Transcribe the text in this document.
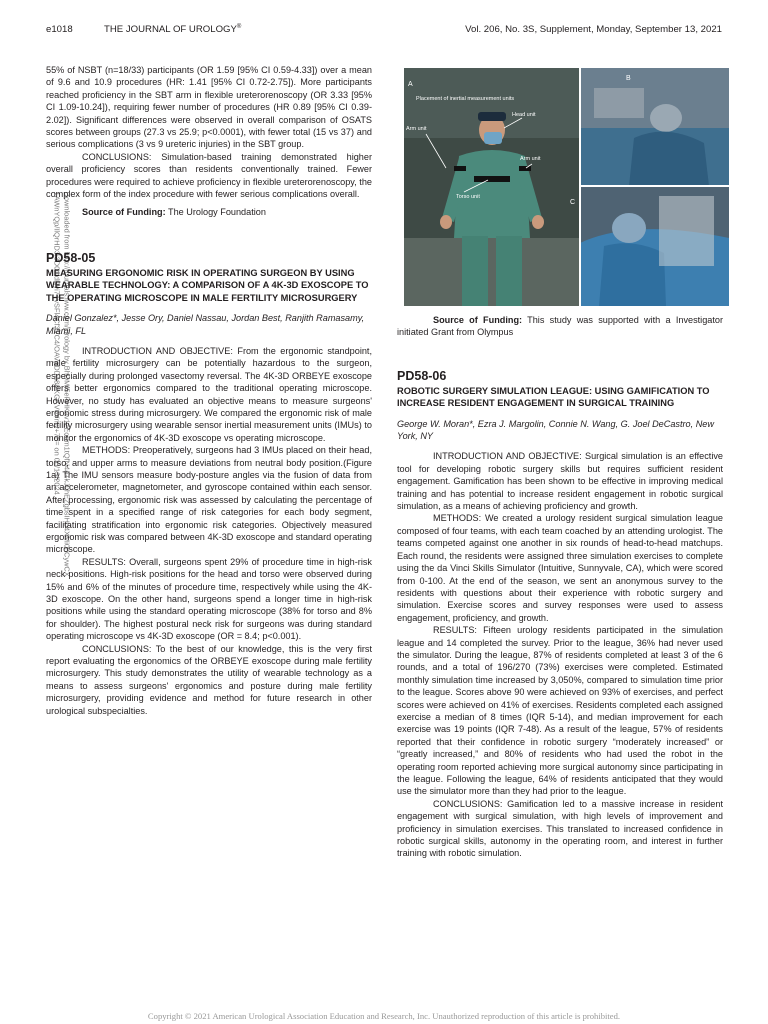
e1018	THE JOURNAL OF UROLOGY®	Vol. 206, No. 3S, Supplement, Monday, September 13, 2021
Downloaded from http://journals.lww.com/jurology by BhDMf5ePHKav1zEoum1tQfN4a+kJLhEZgbsIHo4XMi0hCywCX
1AWnYQp/IlQrHD3i3D0OdRyi7TvSFl4Cf3VC4/OAVpDDa8KKGKV0Ymy+78= on 06/13/2024

55% of NSBT (n=18/33) participants (OR 1.59 [95% CI 0.59-4.33]) over a mean of 9.6 and 10.9 procedures (HR: 1.41 [95% CI 0.72-2.75]). More participants reached proficiency in the SBT arm in flexible ureterorenoscopy (OR 3.33 [95% CI 1.09-10.24]), requiring fewer number of procedures (HR 0.89 [95% CI 0.39-2.02]). Significant differences were observed in overall comparison of OSATS scores between groups (27.3 vs 25.9; p<0.0001), with fewer total (15 vs 37) and serious complications (3 vs 9 ureteric injuries) in the SBT group.

CONCLUSIONS: Simulation-based training demonstrated higher overall proficiency scores than residents conventionally trained. Fewer procedures were required to achieve proficiency in flexible ureterorenoscopy, the complex form of the index procedure with fewer serious complications overall.

Source of Funding: The Urology Foundation

PD58-05

MEASURING ERGONOMIC RISK IN OPERATING SURGEON BY USING WEARABLE TECHNOLOGY: A COMPARISON OF A 4K-3D EXOSCOPE TO THE OPERATING MICROSCOPE IN MALE FERTILITY MICROSURGERY

Daniel Gonzalez*, Jesse Ory, Daniel Nassau, Jordan Best, Ranjith Ramasamy, Miami, FL

INTRODUCTION AND OBJECTIVE: From the ergonomic standpoint, male fertility microsurgery can be potentially hazardous to the surgeon, especially during prolonged vasectomy reversal. The 4K-3D ORBEYE exoscope offers better ergonomics compared to the traditional operating microscope. However, no study has evaluated an objective means to measure surgeons' ergonomic stress during microsurgery. We compared the ergonomic risk of male fertility microsurgery using wearable sensor inertial measurement units (IMUs) to monitor the ergonomics of 4K-3D exoscope vs operating microscope.

METHODS: Preoperatively, surgeons had 3 IMUs placed on their head, torso, and upper arms to measure deviations from neutral body position.(Figure 1a) The IMU sensors measure body-posture angles via the fusion of data from an accelerometer, magnetometer, and gyroscope contained within each sensor. After processing, ergonomic risk was assessed by calculating the percentage of time spent in a specified range of risk categories for each body segment, facilitating stratification into ergonomic risk categories. Objectively measured ergonomic risk was compared between 4K-3D exoscope and standard operating microscope.

RESULTS: Overall, surgeons spent 29% of procedure time in high-risk neck positions. High-risk positions for the head and torso were observed during 15% and 6% of the minutes of procedure time, respectively while using the 4K-3D exoscope. On the other hand, surgeons spend a longer time in high-risk positions while using the standard operating microscope (38% for torso and 8% for shoulder). The highest postural neck risk for surgeons was during standard operating microscope vs 4K-3D exoscope (OR = 8.4; p<0.001).

CONCLUSIONS: To the best of our knowledge, this is the very first report evaluating the ergonomics of the ORBEYE exoscope during male fertility microsurgery. This study demonstrates the utility of wearable technology as a means to assess surgeons' ergonomics and posture during male fertility microsurgery, providing evidence and method for future research in other urological subspecialties.

A
Placement of inertial measurement units
Head unit
Arm unit
Arm unit
Torso unit
B
C

Source of Funding: This study was supported with a Investigator initiated Grant from Olympus

PD58-06

ROBOTIC SURGERY SIMULATION LEAGUE: USING GAMIFICATION TO INCREASE RESIDENT ENGAGEMENT IN SURGICAL TRAINING

George W. Moran*, Ezra J. Margolin, Connie N. Wang, G. Joel DeCastro, New York, NY

INTRODUCTION AND OBJECTIVE: Surgical simulation is an effective tool for developing robotic surgery skills but requires sufficient resident engagement. Gamification has been shown to be effective in improving medical training and has potential to increase resident engagement in robotic surgical simulation, as a means of achieving proficiency and growth.

METHODS: We created a urology resident surgical simulation league composed of four teams, with each team coached by an attending urologist. The teams competed against one another in six rounds of head-to-head matchups. Each round, the residents were assigned three simulation exercises to complete using the da Vinci Skills Simulator (Intuitive, Sunnyvale, CA), which were scored from 0-100. At the end of the season, we sent an anonymous survey to the residents with questions about their experience with robotic surgery and simulation. Exercise scores and survey responses were used to assess engagement, proficiency, and growth.

RESULTS: Fifteen urology residents participated in the simulation league and 14 completed the survey. Prior to the league, 36% had never used the simulator. During the league, 87% of residents completed at least 3 of the 6 rounds, and a total of 196/270 (73%) exercises were completed. Estimated monthly simulation time increased by 3,050%, compared to simulation time prior to the league. Scores above 90 were achieved on 93% of exercises, and perfect scores were achieved on 41% of exercises. Residents completed each assigned exercise a median of 8 times (IQR 5-14), and median improvement for each exercise was 19 points (IQR 7-48). As a result of the league, 57% of residents reported that their confidence in robotic surgery “moderately increased” or “greatly increased,” and 80% of residents who had used the robot in the operating room reported achieving more surgical autonomy since participating in the league. Following the league, 64% of residents anticipated that they would use the simulator more than they had prior to the league.

CONCLUSIONS: Gamification led to a massive increase in resident engagement with surgical simulation, with high levels of improvement and proficiency in simulation exercises. This translated to increased confidence in robotic surgical skills, autonomy in the operating room, and interest in further training with robotic simulation.

Copyright © 2021 American Urological Association Education and Research, Inc. Unauthorized reproduction of this article is prohibited.
